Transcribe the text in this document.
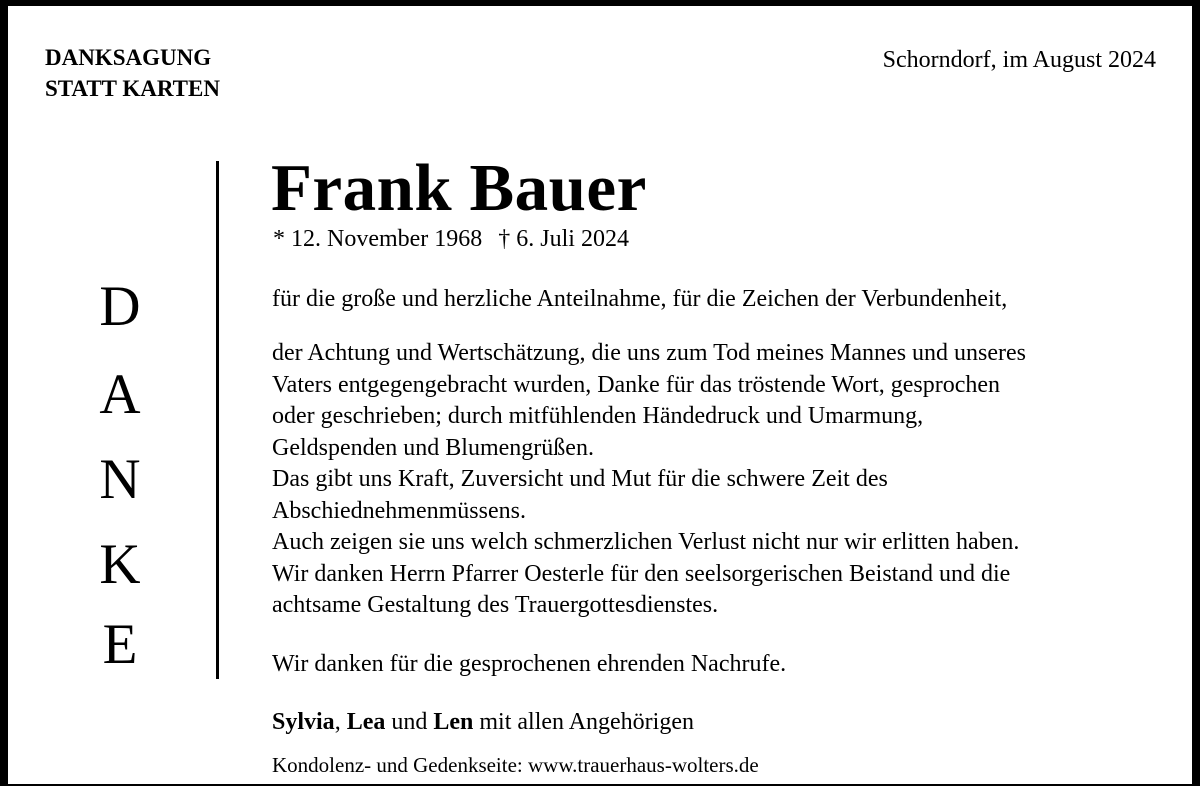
DANKSAGUNG
STATT KARTEN
Schorndorf, im August 2024
D
A
N
K
E
Frank Bauer
* 12. November 1968 † 6. Juli 2024
für die große und herzliche Anteilnahme, für die Zeichen der Verbundenheit,
der Achtung und Wertschätzung, die uns zum Tod meines Mannes und unseres
Vaters entgegengebracht wurden, Danke für das tröstende Wort, gesprochen
oder geschrieben; durch mitfühlenden Händedruck und Umarmung,
Geldspenden und Blumengrüßen.
Das gibt uns Kraft, Zuversicht und Mut für die schwere Zeit des
Abschiednehmenmüssens.
Auch zeigen sie uns welch schmerzlichen Verlust nicht nur wir erlitten haben.
Wir danken Herrn Pfarrer Oesterle für den seelsorgerischen Beistand und die
achtsame Gestaltung des Trauergottesdienstes.
Wir danken für die gesprochenen ehrenden Nachrufe.
Sylvia, Lea und Len mit allen Angehörigen
Kondolenz- und Gedenkseite: www.trauerhaus-wolters.de
